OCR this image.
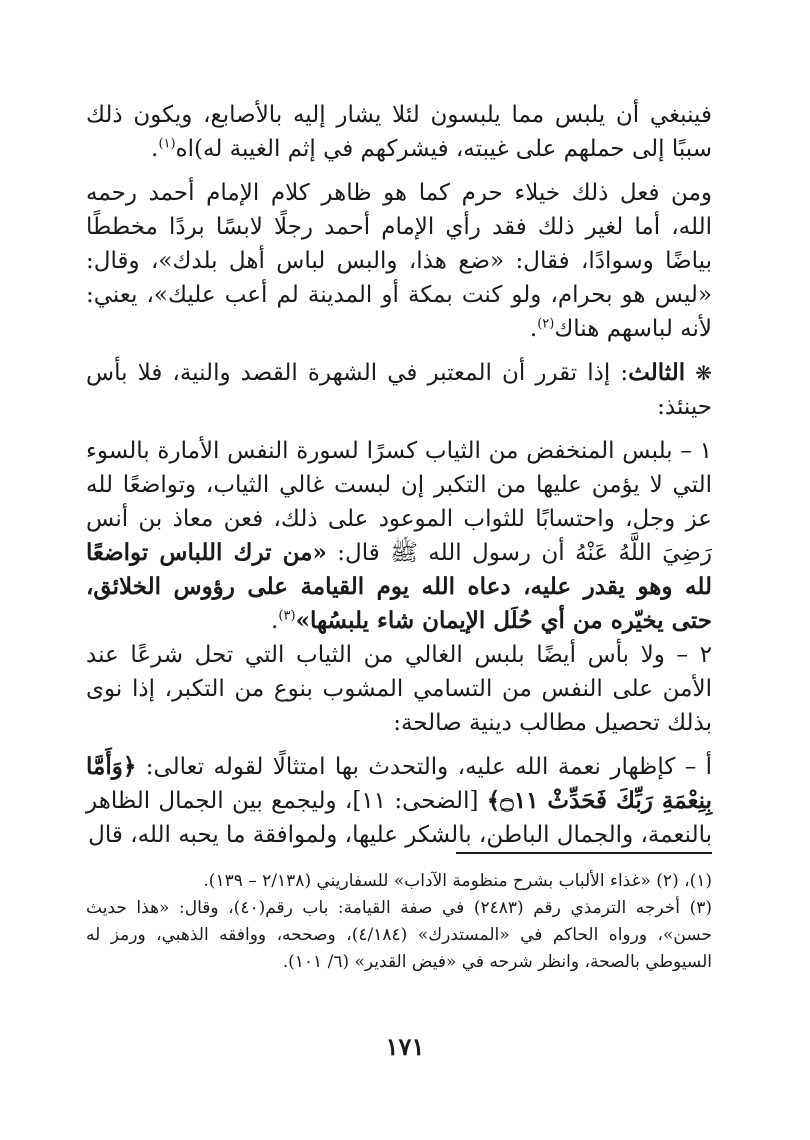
فينبغي أن يلبس مما يلبسون لئلا يشار إليه بالأصابع، ويكون ذلك سببًا إلى حملهم على غيبته، فيشركهم في إثم الغيبة له)اه$^{(١)}$.

ومن فعل ذلك خيلاء حرم كما هو ظاهر كلام الإمام أحمد رحمه الله، أما لغير ذلك فقد رأي الإمام أحمد رجلًا لابسًا بردًا مخططًا بياضًا وسوادًا، فقال: «ضع هذا، والبس لباس أهل بلدك»، وقال: «ليس هو بحرام، ولو كنت بمكة أو المدينة لم أعب عليك»، يعني: لأنه لباسهم هناك$^{(٢)}$.

❋ الثالث: إذا تقرر أن المعتبر في الشهرة القصد والنية، فلا بأس حينئذ:

١ – بلبس المنخفض من الثياب كسرًا لسورة النفس الأمارة بالسوء التي لا يؤمن عليها من التكبر إن لبست غالي الثياب، وتواضعًا لله عز وجل، واحتسابًا للثواب الموعود على ذلك، فعن معاذ بن أنس رَضِيَ اللَّهُ عَنْهُ أن رسول الله ﷺ قال: «من ترك اللباس تواضعًا لله وهو يقدر عليه، دعاه الله يوم القيامة على رؤوس الخلائق، حتى يخيّره من أي حُلَل الإيمان شاء يلبسُها»$^{(٣)}$.

٢ – ولا بأس أيضًا بلبس الغالي من الثياب التي تحل شرعًا عند الأمن على النفس من التسامي المشوب بنوع من التكبر، إذا نوى بذلك تحصيل مطالب دينية صالحة:

أ – كإظهار نعمة الله عليه، والتحدث بها امتثالًا لقوله تعالى: ﴿وَأَمَّا بِنِعْمَةِ رَبِّكَ فَحَدِّثْ ۝١١﴾ [الضحى: ١١]، وليجمع بين الجمال الظاهر بالنعمة، والجمال الباطن، بالشكر عليها، ولموافقة ما يحبه الله، قال

(١)، (٢) «غذاء الألباب بشرح منظومة الآداب» للسفاريني (٢/١٣٨ – ١٣٩).

(٣) أخرجه الترمذي رقم (٢٤٨٣) في صفة القيامة: باب رقم(٤٠)، وقال: «هذا حديث حسن»، ورواه الحاكم في «المستدرك» (٤/١٨٤)، وصححه، ووافقه الذهبي، ورمز له السيوطي بالصحة، وانظر شرحه في «فيض القدير» (٦/ ١٠١).

١٧١
